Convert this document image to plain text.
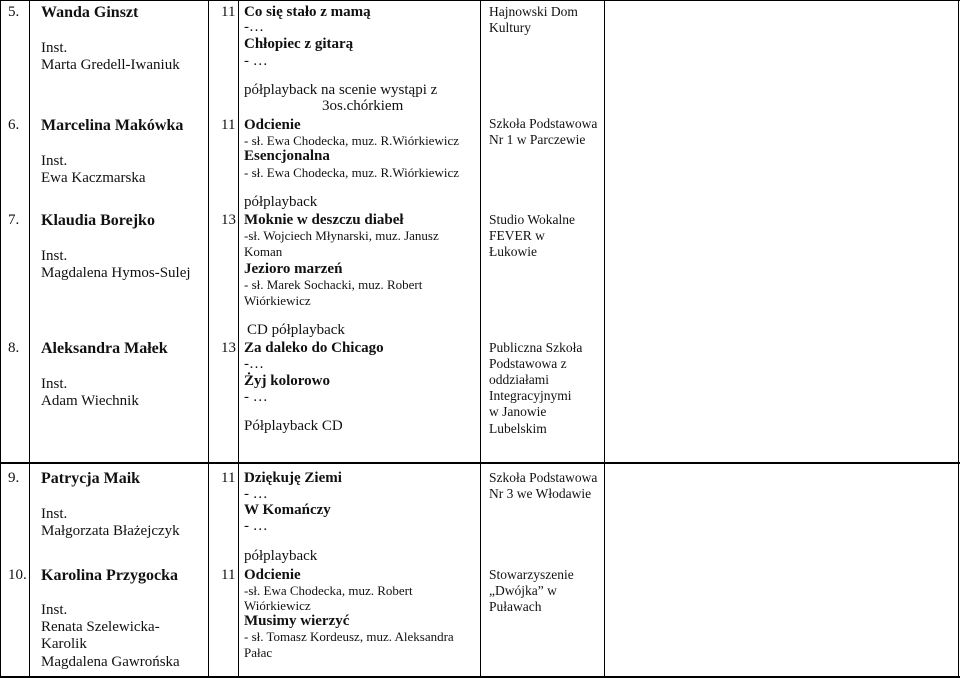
5. Wanda Ginszt
Inst.
Marta Gredell-Iwaniuk
11 Co się stało z mamą
-…
Chłopiec z gitarą
- …
półplayback na scenie wystąpi z
3os.chórkiem
Hajnowski Dom
Kultury
6. Marcelina Makówka
Inst.
Ewa Kaczmarska
11 Odcienie
- sł. Ewa Chodecka, muz. R.Wiórkiewicz
Esencjonalna
- sł. Ewa Chodecka, muz. R.Wiórkiewicz
półplayback
Szkoła Podstawowa
Nr 1 w Parczewie
7. Klaudia Borejko
Inst.
Magdalena Hymos-Sulej
13 Moknie w deszczu diabeł
-sł. Wojciech Młynarski, muz. Janusz
Koman
Jezioro marzeń
- sł. Marek Sochacki, muz. Robert
Wiórkiewicz
CD półplayback
Studio Wokalne
FEVER w
Łukowie
8. Aleksandra Małek
Inst.
Adam Wiechnik
13 Za daleko do Chicago
-…
Żyj kolorowo
- …
Półplayback CD
Publiczna Szkoła
Podstawowa z
oddziałami
Integracyjnymi
w Janowie
Lubelskim
9. Patrycja Maik
Inst.
Małgorzata Błażejczyk
11 Dziękuję Ziemi
- …
W Komańczy
- …
półplayback
Szkoła Podstawowa
Nr 3 we Włodawie
10. Karolina Przygocka
Inst.
Renata Szelewicka-
Karolik
Magdalena Gawrońska
11 Odcienie
-sł. Ewa Chodecka, muz. Robert
Wiórkiewicz
Musimy wierzyć
- sł. Tomasz Kordeusz, muz. Aleksandra
Pałac
Stowarzyszenie
„Dwójka” w
Puławach
